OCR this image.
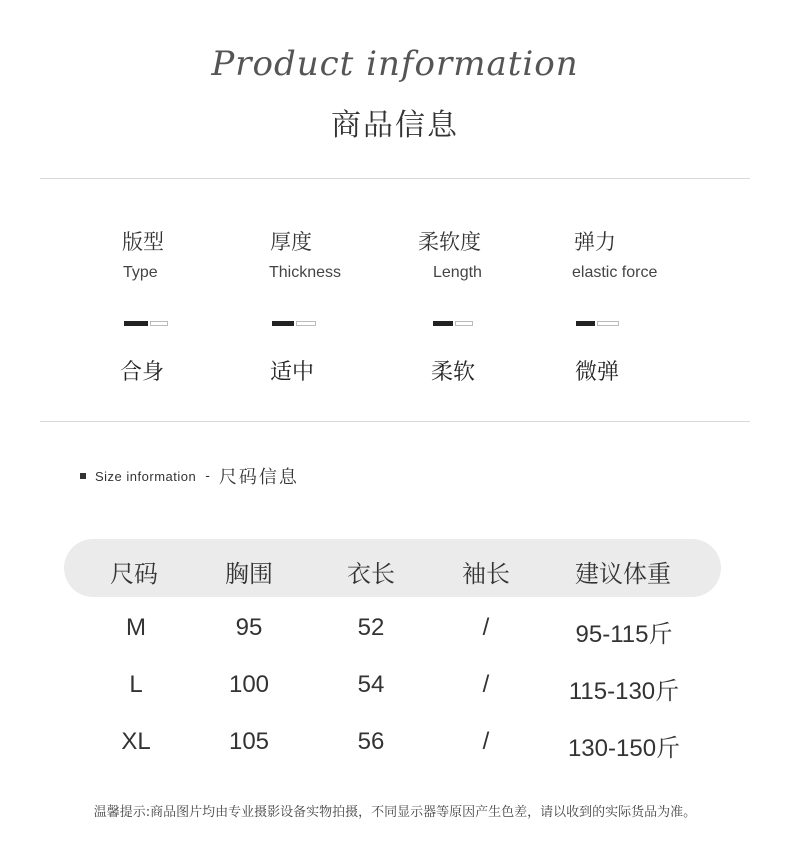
Product information
商品信息
版型	厚度	柔软度	弹力
Type	Thickness	Length	elastic force
合身	适中	柔软	微弹
Size information - 尺码信息
尺码	胸围	衣长	袖长	建议体重
M	95	52	/	95-115斤
L	100	54	/	115-130斤
XL	105	56	/	130-150斤
温馨提示:商品图片均由专业摄影设备实物拍摄，不同显示器等原因产生色差，请以收到的实际货品为准。
